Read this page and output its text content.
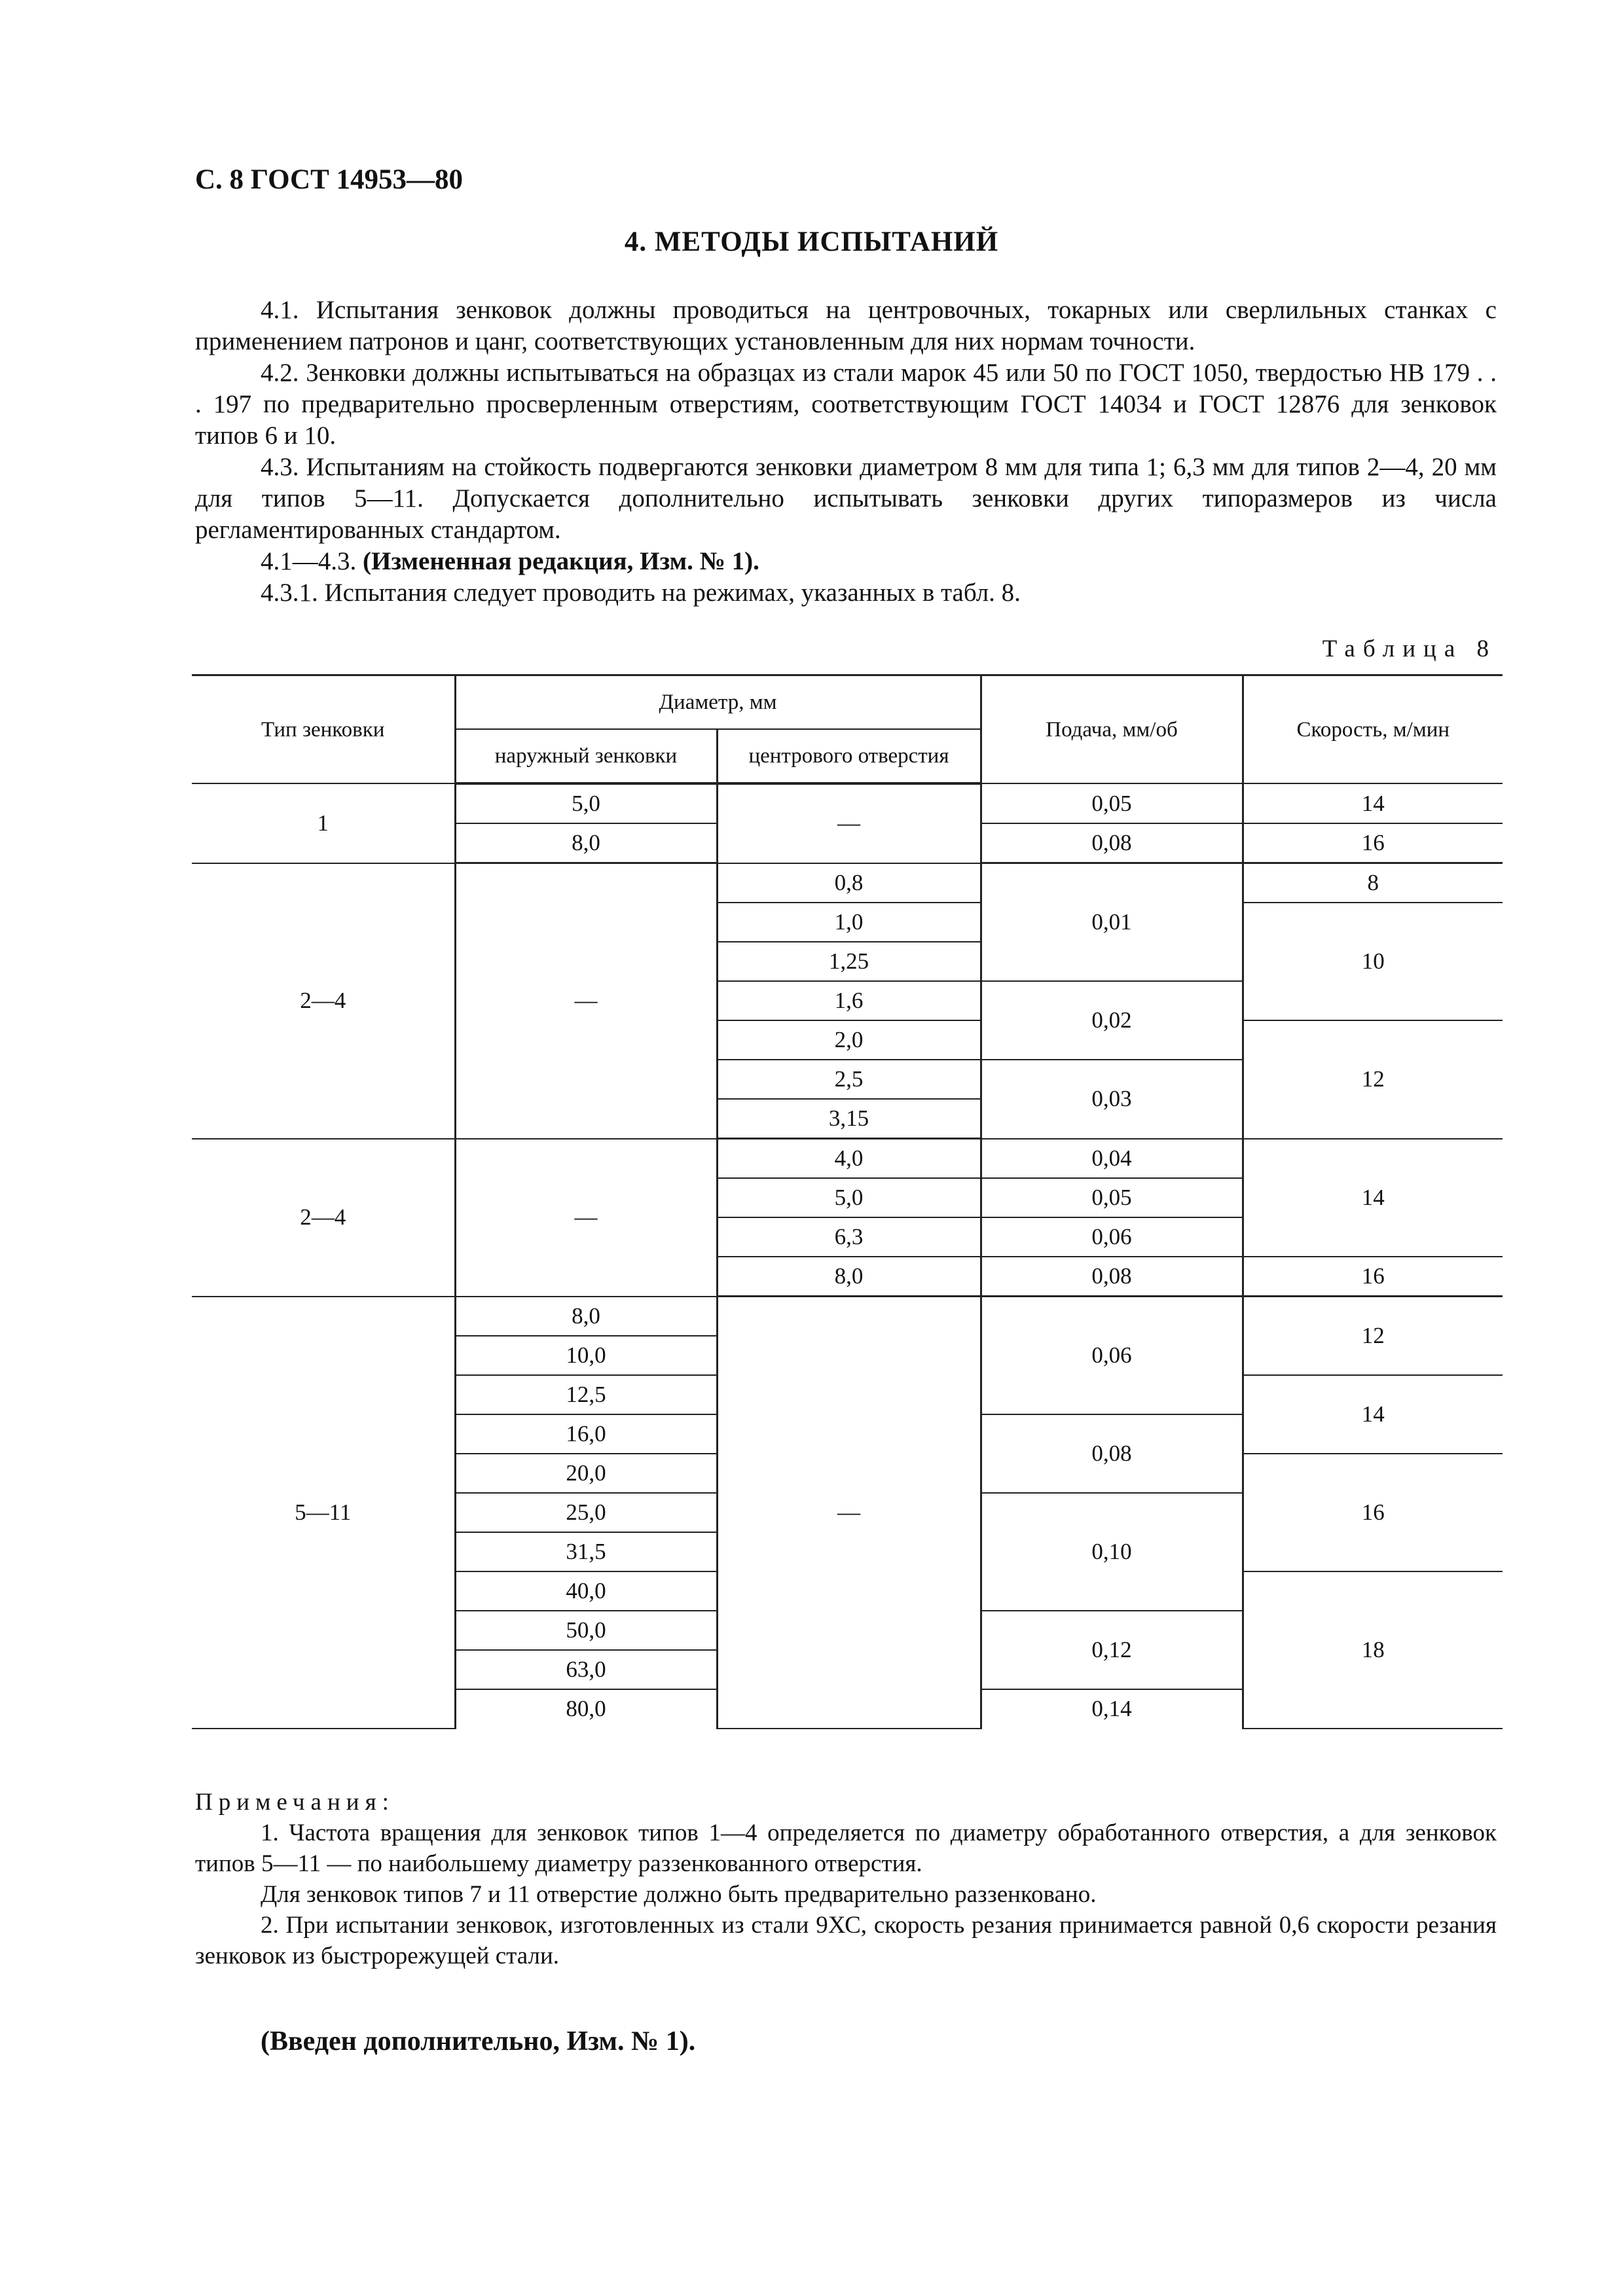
С. 8 ГОСТ 14953—80
4. МЕТОДЫ ИСПЫТАНИЙ

4.1. Испытания зенковок должны проводиться на центровочных, токарных или сверлильных станках с применением патронов и цанг, соответствующих установленным для них нормам точности.

4.2. Зенковки должны испытываться на образцах из стали марок 45 или 50 по ГОСТ 1050, твердостью НВ 179 . . . 197 по предварительно просверленным отверстиям, соответствующим ГОСТ 14034 и ГОСТ 12876 для зенковок типов 6 и 10.

4.3. Испытаниям на стойкость подвергаются зенковки диаметром 8 мм для типа 1; 6,3 мм для типов 2—4, 20 мм для типов 5—11. Допускается дополнительно испытывать зенковки других типоразмеров из числа регламентированных стандартом.

4.1—4.3. (Измененная редакция, Изм. № 1).

4.3.1. Испытания следует проводить на режимах, указанных в табл. 8.

Таблица 8
Тип зенковки	Диаметр, мм		Подача, мм/об	Скорость, м/мин
	наружный зенковки	центрового отверстия		
1	5,0	—	0,05	14
	8,0		0,08	16
2—4	—	0,8	0,01	8
		1,0		10
		1,25		
		1,6	0,02	
		2,0		12
		2,5	0,03	
		3,15		
2—4	—	4,0	0,04	14
		5,0	0,05	
		6,3	0,06	
		8,0	0,08	16
5—11	8,0	—	0,06	12
	10,0			
	12,5			14
	16,0		0,08	
	20,0			16
	25,0		0,10	
	31,5			
	40,0			18
	50,0		0,12	
	63,0			
	80,0		0,14	

Примечания:

1. Частота вращения для зенковок типов 1—4 определяется по диаметру обработанного отверстия, а для зенковок типов 5—11 — по наибольшему диаметру раззенкованного отверстия.

Для зенковок типов 7 и 11 отверстие должно быть предварительно раззенковано.

2. При испытании зенковок, изготовленных из стали 9ХС, скорость резания принимается равной 0,6 скорости резания зенковок из быстрорежущей стали.

(Введен дополнительно, Изм. № 1).
